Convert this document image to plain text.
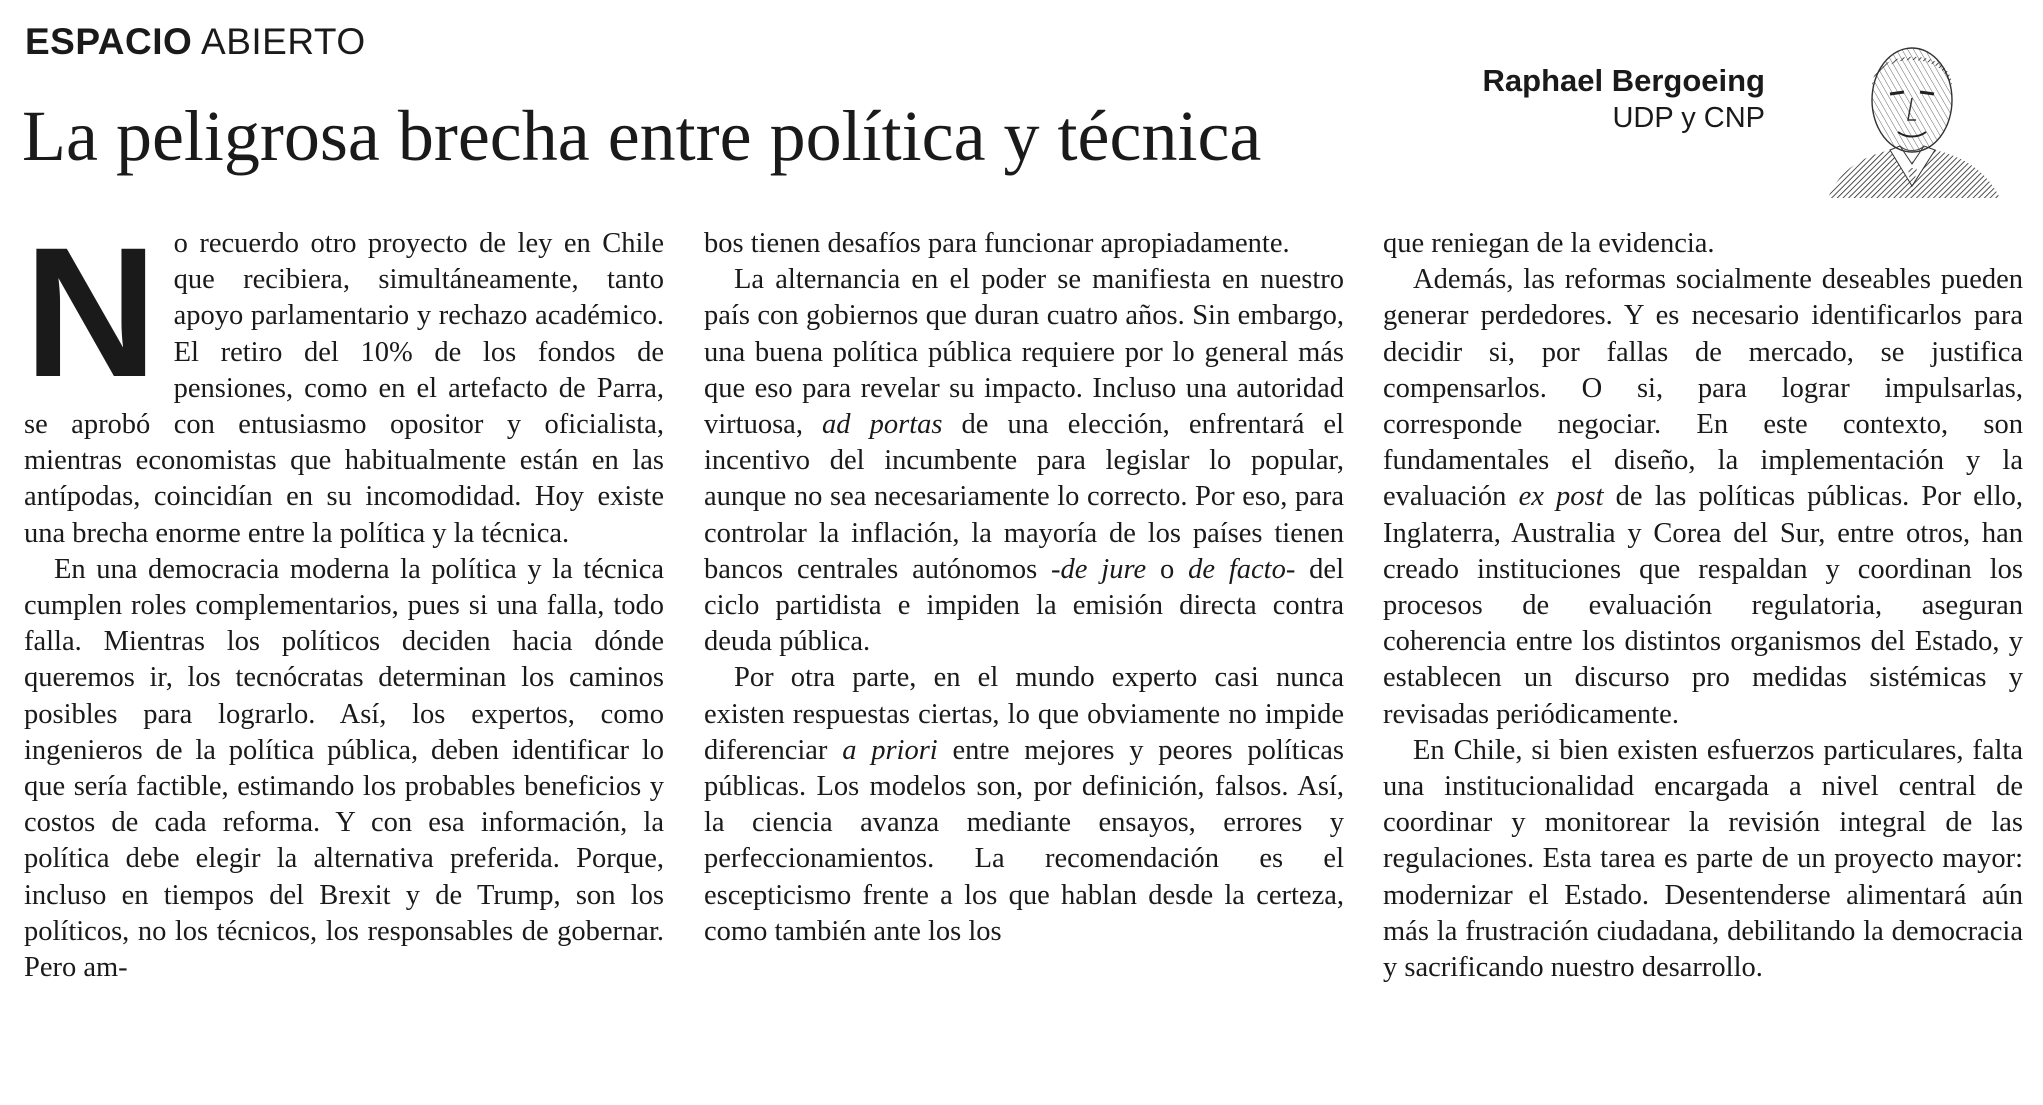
ESPACIO ABIERTO
La peligrosa brecha entre política y técnica
Raphael Bergoeing
UDP y CNP
N o recuerdo otro proyecto de ley en Chile que recibiera, simultáneamente, tanto apoyo parlamentario y rechazo académico. El retiro del 10% de los fondos de pensiones, como en el artefacto de Parra, se aprobó con entusiasmo opositor y oficialista, mientras economistas que habitualmente están en las antípodas, coincidían en su incomodidad. Hoy existe una brecha enorme entre la política y la técnica.

En una democracia moderna la política y la técnica cumplen roles complementarios, pues si una falla, todo falla. Mientras los políticos deciden hacia dónde queremos ir, los tecnócratas determinan los caminos posibles para lograrlo. Así, los expertos, como ingenieros de la política pública, deben identificar lo que sería factible, estimando los probables beneficios y costos de cada reforma. Y con esa información, la política debe elegir la alternativa preferida. Porque, incluso en tiempos del Brexit y de Trump, son los políticos, no los técnicos, los responsables de gobernar. Pero am-

bos tienen desafíos para funcionar apropiadamente.

La alternancia en el poder se manifiesta en nuestro país con gobiernos que duran cuatro años. Sin embargo, una buena política pública requiere por lo general más que eso para revelar su impacto. Incluso una autoridad virtuosa, ad portas de una elección, enfrentará el incentivo del incumbente para legislar lo popular, aunque no sea necesariamente lo correcto. Por eso, para controlar la inflación, la mayoría de los países tienen bancos centrales autónomos -de jure o de facto- del ciclo partidista e impiden la emisión directa contra deuda pública.

Por otra parte, en el mundo experto casi nunca existen respuestas ciertas, lo que obviamente no impide diferenciar a priori entre mejores y peores políticas públicas. Los modelos son, por definición, falsos. Así, la ciencia avanza mediante ensayos, errores y perfeccionamientos. La recomendación es el escepticismo frente a los que hablan desde la certeza, como también ante los los

que reniegan de la evidencia.

Además, las reformas socialmente deseables pueden generar perdedores. Y es necesario identificarlos para decidir si, por fallas de mercado, se justifica compensarlos. O si, para lograr impulsarlas, corresponde negociar. En este contexto, son fundamentales el diseño, la implementación y la evaluación ex post de las políticas públicas. Por ello, Inglaterra, Australia y Corea del Sur, entre otros, han creado instituciones que respaldan y coordinan los procesos de evaluación regulatoria, aseguran coherencia entre los distintos organismos del Estado, y establecen un discurso pro medidas sistémicas y revisadas periódicamente.

En Chile, si bien existen esfuerzos particulares, falta una institucionalidad encargada a nivel central de coordinar y monitorear la revisión integral de las regulaciones. Esta tarea es parte de un proyecto mayor: modernizar el Estado. Desentenderse alimentará aún más la frustración ciudadana, debilitando la democracia y sacrificando nuestro desarrollo.
